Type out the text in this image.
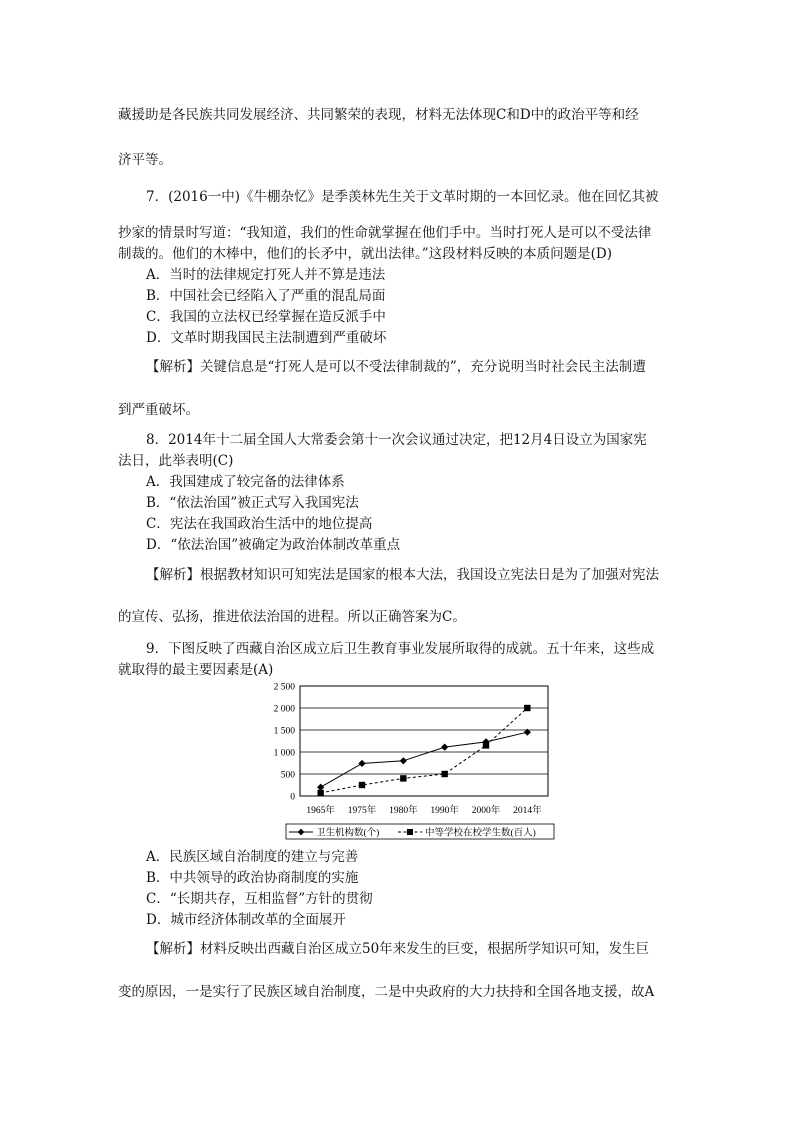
藏援助是各民族共同发展经济、共同繁荣的表现，材料无法体现C和D中的政治平等和经
济平等。
7．(2016一中)《牛棚杂忆》是季羡林先生关于文革时期的一本回忆录。他在回忆其被
抄家的情景时写道：“我知道，我们的性命就掌握在他们手中。当时打死人是可以不受法律
制裁的。他们的木棒中，他们的长矛中，就出法律。”这段材料反映的本质问题是(D)
A．当时的法律规定打死人并不算是违法
B．中国社会已经陷入了严重的混乱局面
C．我国的立法权已经掌握在造反派手中
D．文革时期我国民主法制遭到严重破坏
【解析】关键信息是“打死人是可以不受法律制裁的”，充分说明当时社会民主法制遭
到严重破坏。
8．2014年十二届全国人大常委会第十一次会议通过决定，把12月4日设立为国家宪
法日，此举表明(C)
A．我国建成了较完备的法律体系
B．“依法治国”被正式写入我国宪法
C．宪法在我国政治生活中的地位提高
D．“依法治国”被确定为政治体制改革重点
【解析】根据教材知识可知宪法是国家的根本大法，我国设立宪法日是为了加强对宪法
的宣传、弘扬，推进依法治国的进程。所以正确答案为C。
9．下图反映了西藏自治区成立后卫生教育事业发展所取得的成就。五十年来，这些成
就取得的最主要因素是(A)
0
500
1 000
1 500
2 000
2 500
1965年 1975年 1980年 1990年 2000年 2014年
卫生机构数(个)	中等学校在校学生数(百人)
A．民族区域自治制度的建立与完善
B．中共领导的政治协商制度的实施
C．“长期共存，互相监督”方针的贯彻
D．城市经济体制改革的全面展开
【解析】材料反映出西藏自治区成立50年来发生的巨变，根据所学知识可知，发生巨
变的原因，一是实行了民族区域自治制度，二是中央政府的大力扶持和全国各地支援，故A
